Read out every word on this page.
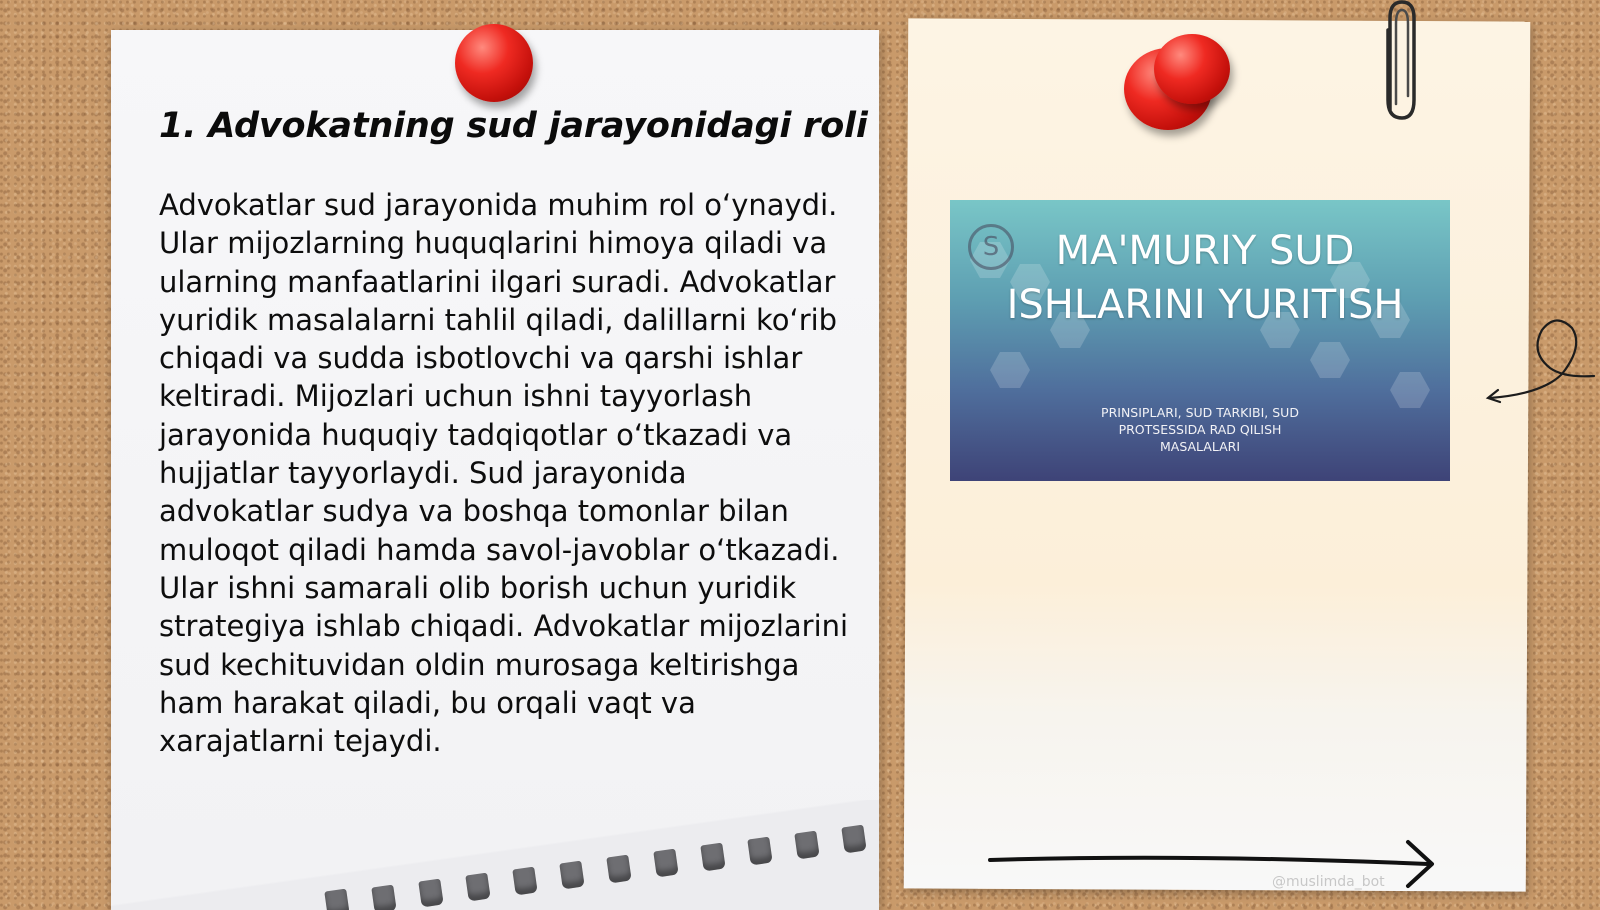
1. Advokatning sud jarayonidagi roli

Advokatlar sud jarayonida muhim rol o‘ynaydi. Ular mijozlarning huquqlarini himoya qiladi va ularning manfaatlarini ilgari suradi. Advokatlar yuridik masalalarni tahlil qiladi, dalillarni ko‘rib chiqadi va sudda isbotlovchi va qarshi ishlar keltiradi. Mijozlari uchun ishni tayyorlash jarayonida huquqiy tadqiqotlar o‘tkazadi va hujjatlar tayyorlaydi. Sud jarayonida advokatlar sudya va boshqa tomonlar bilan muloqot qiladi hamda savol-javoblar o‘tkazadi. Ular ishni samarali olib borish uchun yuridik strategiya ishlab chiqadi. Advokatlar mijozlarini sud kechituvidan oldin murosaga keltirishga ham harakat qiladi, bu orqali vaqt va xarajatlarni tejaydi.

S	MA'MURIY SUD ISHLARINI YURITISH

PRINSIPLARI, SUD TARKIBI, SUD PROTSESSIDA RAD QILISH MASALALARI

@muslimda_bot
